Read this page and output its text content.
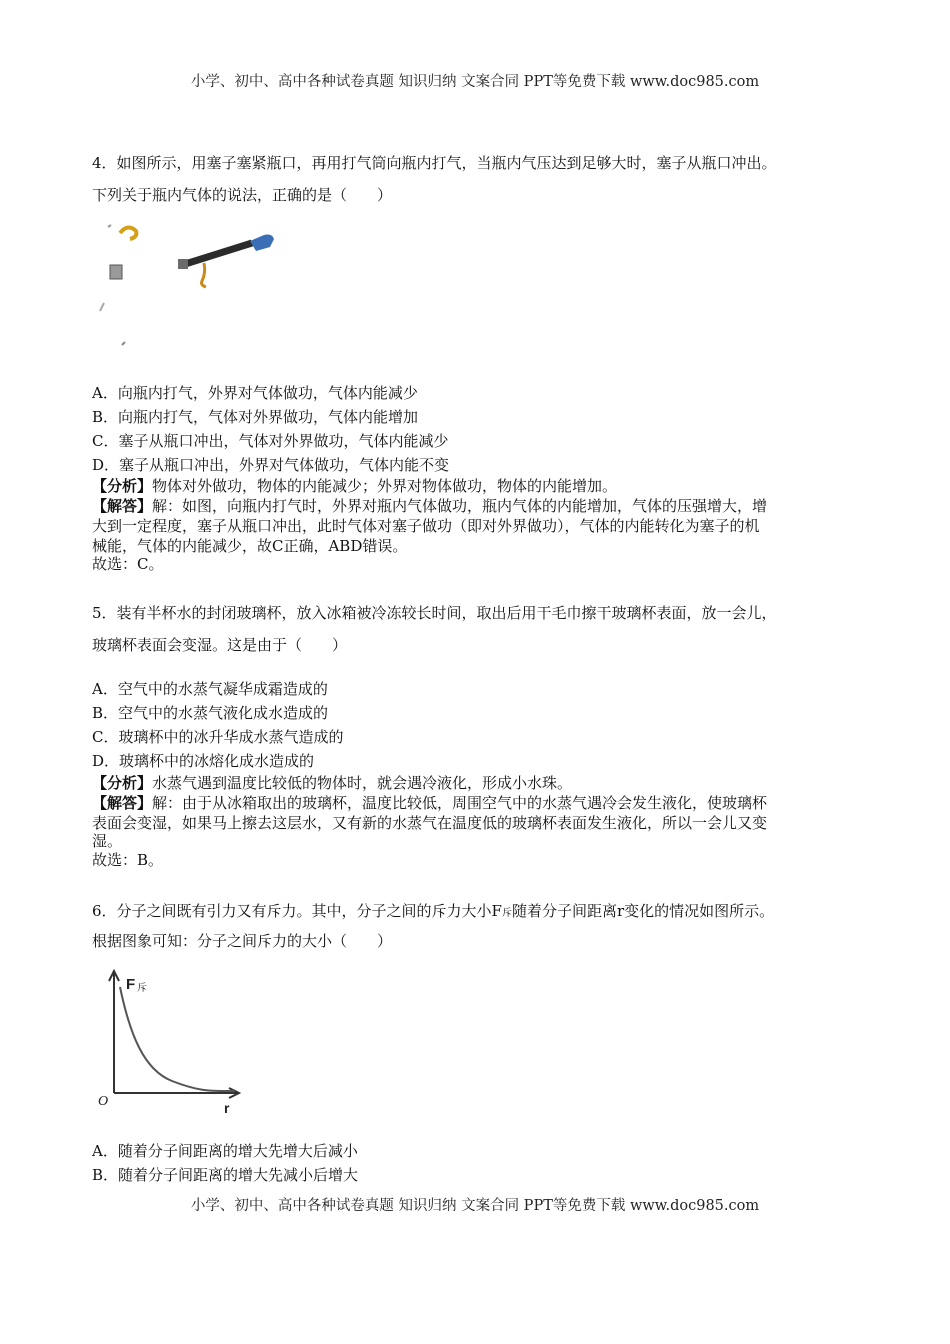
小学、初中、高中各种试卷真题 知识归纳 文案合同 PPT等免费下载 www.doc985.com
4．如图所示，用塞子塞紧瓶口，再用打气筒向瓶内打气，当瓶内气压达到足够大时，塞子从瓶口冲出。
下列关于瓶内气体的说法，正确的是（　　）
A．向瓶内打气，外界对气体做功，气体内能减少
B．向瓶内打气，气体对外界做功，气体内能增加
C．塞子从瓶口冲出，气体对外界做功，气体内能减少
D．塞子从瓶口冲出，外界对气体做功，气体内能不变
【分析】物体对外做功，物体的内能减少；外界对物体做功，物体的内能增加。
【解答】解：如图，向瓶内打气时，外界对瓶内气体做功，瓶内气体的内能增加，气体的压强增大，增
大到一定程度，塞子从瓶口冲出，此时气体对塞子做功（即对外界做功），气体的内能转化为塞子的机
械能，气体的内能减少，故C正确，ABD错误。
故选：C。
5．装有半杯水的封闭玻璃杯，放入冰箱被冷冻较长时间，取出后用干毛巾擦干玻璃杯表面，放一会儿，
玻璃杯表面会变湿。这是由于（　　）
A．空气中的水蒸气凝华成霜造成的
B．空气中的水蒸气液化成水造成的
C．玻璃杯中的冰升华成水蒸气造成的
D．玻璃杯中的冰熔化成水造成的
【分析】水蒸气遇到温度比较低的物体时，就会遇冷液化，形成小水珠。
【解答】解：由于从冰箱取出的玻璃杯，温度比较低，周围空气中的水蒸气遇冷会发生液化，使玻璃杯
表面会变湿，如果马上擦去这层水，又有新的水蒸气在温度低的玻璃杯表面发生液化，所以一会儿又变
湿。
故选：B。
6．分子之间既有引力又有斥力。其中，分子之间的斥力大小F斥随着分子间距离r变化的情况如图所示。
根据图象可知：分子之间斥力的大小（　　）
F 斥
r
O
A．随着分子间距离的增大先增大后减小
B．随着分子间距离的增大先减小后增大
小学、初中、高中各种试卷真题 知识归纳 文案合同 PPT等免费下载 www.doc985.com
